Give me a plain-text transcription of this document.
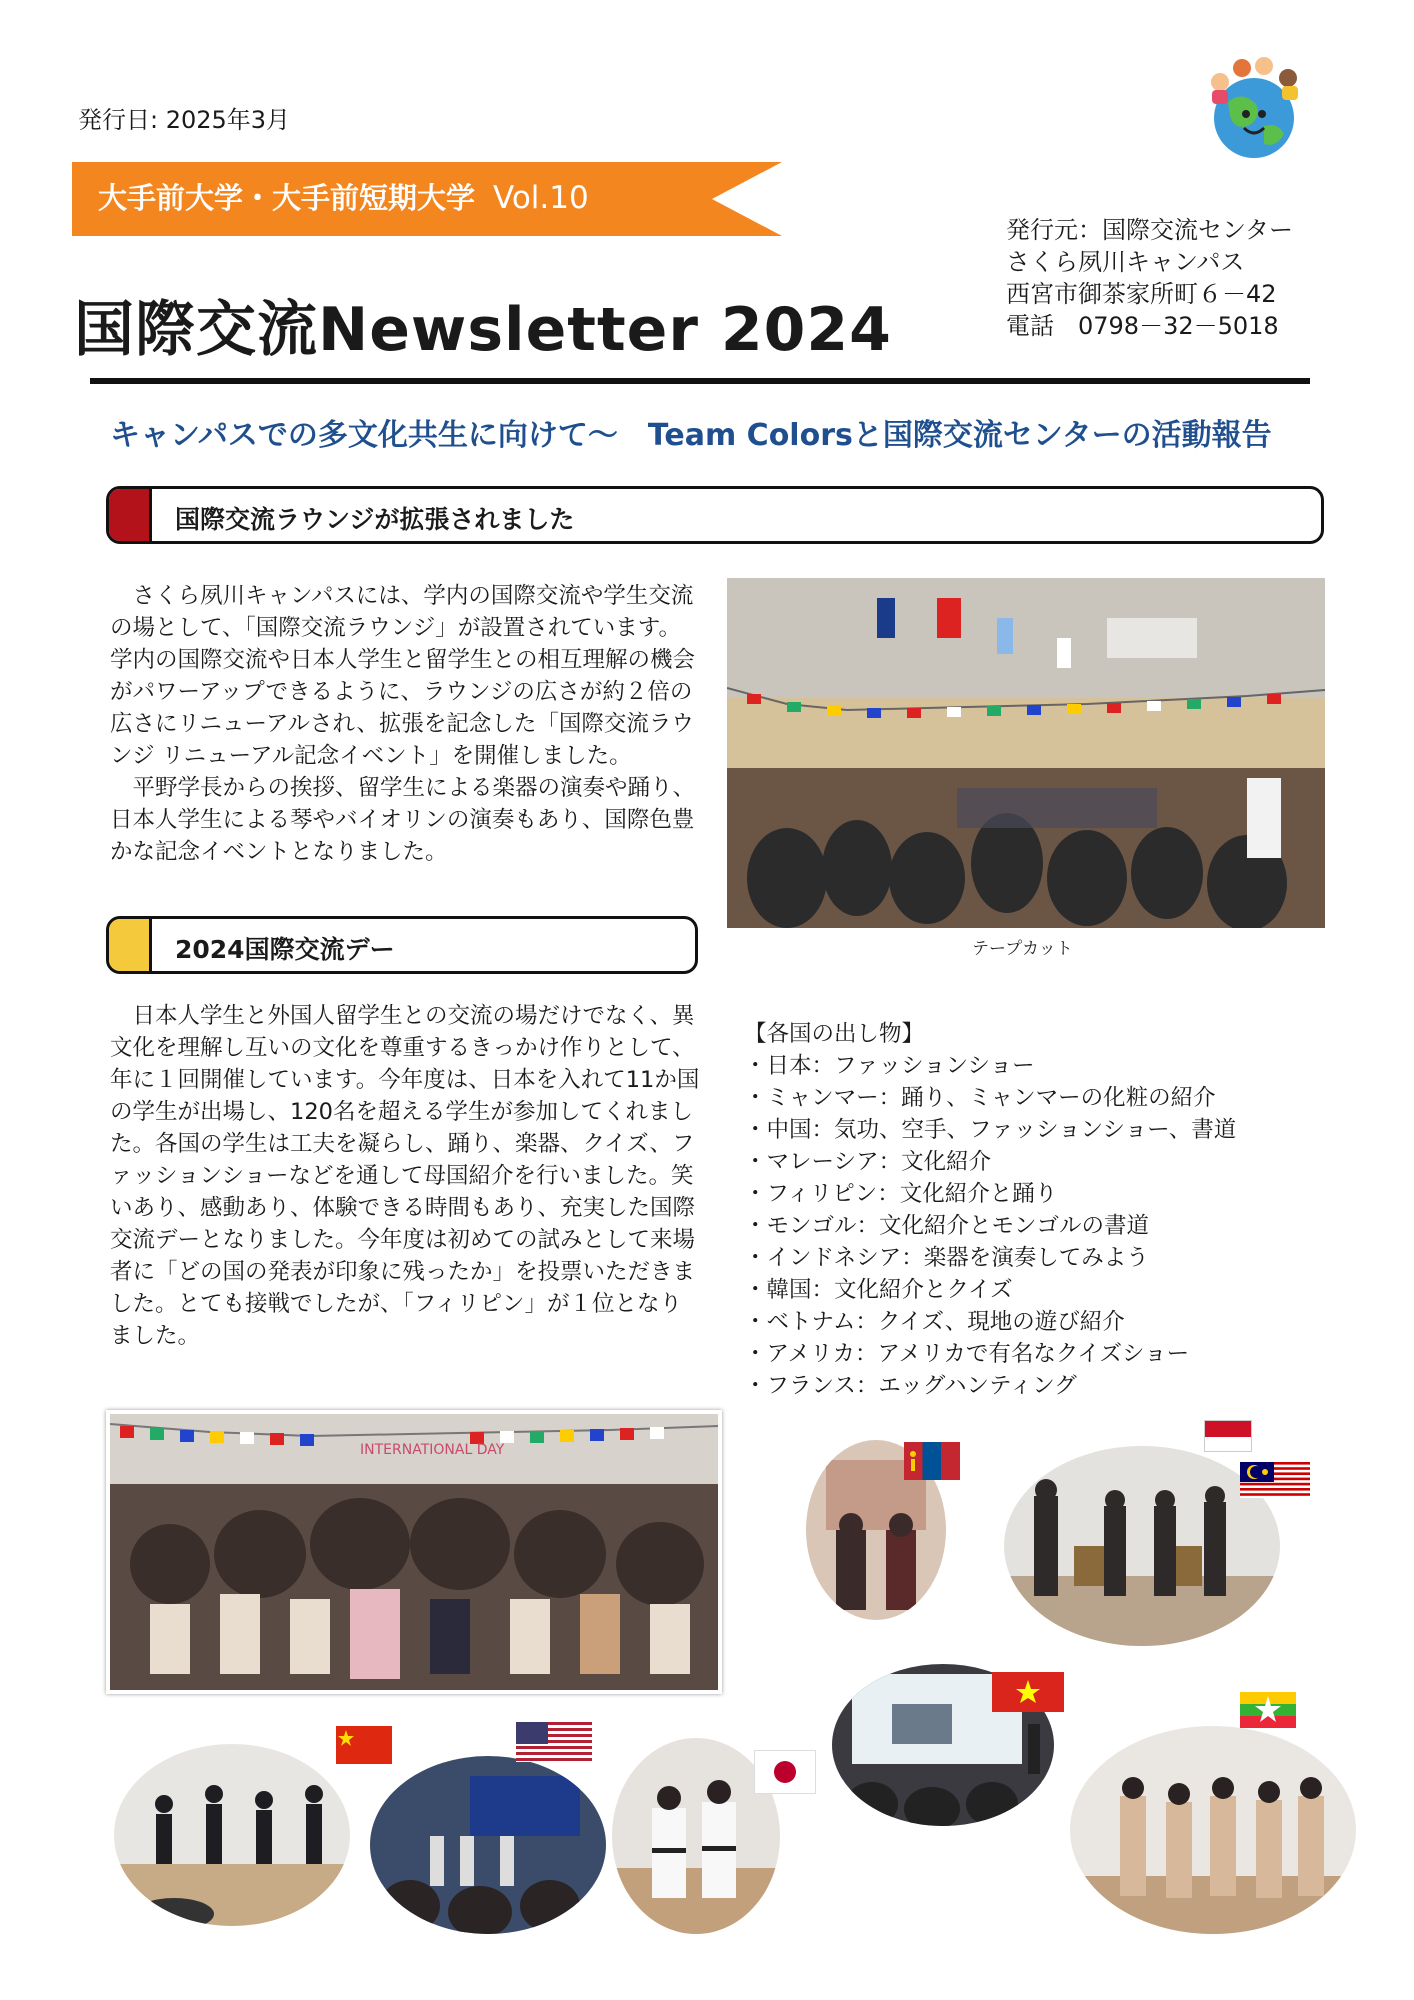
発行日: 2025年3月
大手前大学・大手前短期大学 Vol.10
国際交流Newsletter 2024
発行元：国際交流センター
さくら夙川キャンパス
西宮市御茶家所町６－42
電話　0798－32－5018
キャンパスでの多文化共生に向けて～　Team Colorsと国際交流センターの活動報告
国際交流ラウンジが拡張されました

さくら夙川キャンパスには、学内の国際交流や学生交流の場として、「国際交流ラウンジ」が設置されています。学内の国際交流や日本人学生と留学生との相互理解の機会がパワーアップできるように、ラウンジの広さが約２倍の広さにリニューアルされ、拡張を記念した「国際交流ラウンジ リニューアル記念イベント」を開催しました。

平野学長からの挨拶、留学生による楽器の演奏や踊り、日本人学生による琴やバイオリンの演奏もあり、国際色豊かな記念イベントとなりました。

テープカット
2024国際交流デー

日本人学生と外国人留学生との交流の場だけでなく、異文化を理解し互いの文化を尊重するきっかけ作りとして、年に１回開催しています。今年度は、日本を入れて11か国の学生が出場し、120名を超える学生が参加してくれました。各国の学生は工夫を凝らし、踊り、楽器、クイズ、ファッションショーなどを通して母国紹介を行いました。笑いあり、感動あり、体験できる時間もあり、充実した国際交流デーとなりました。今年度は初めての試みとして来場者に「どの国の発表が印象に残ったか」を投票いただきました。とても接戦でしたが、「フィリピン」が１位となりました。

【各国の出し物】
・ 日本：ファッションショー
・ ミャンマー：踊り、ミャンマーの化粧の紹介
・ 中国：気功、空手、ファッションショー、書道
・ マレーシア：文化紹介
・ フィリピン：文化紹介と踊り
・ モンゴル：文化紹介とモンゴルの書道
・ インドネシア：楽器を演奏してみよう
・ 韓国：文化紹介とクイズ
・ ベトナム：クイズ、現地の遊び紹介
・ アメリカ：アメリカで有名なクイズショー
・ フランス：エッグハンティング
INTERNATIONAL DAY
